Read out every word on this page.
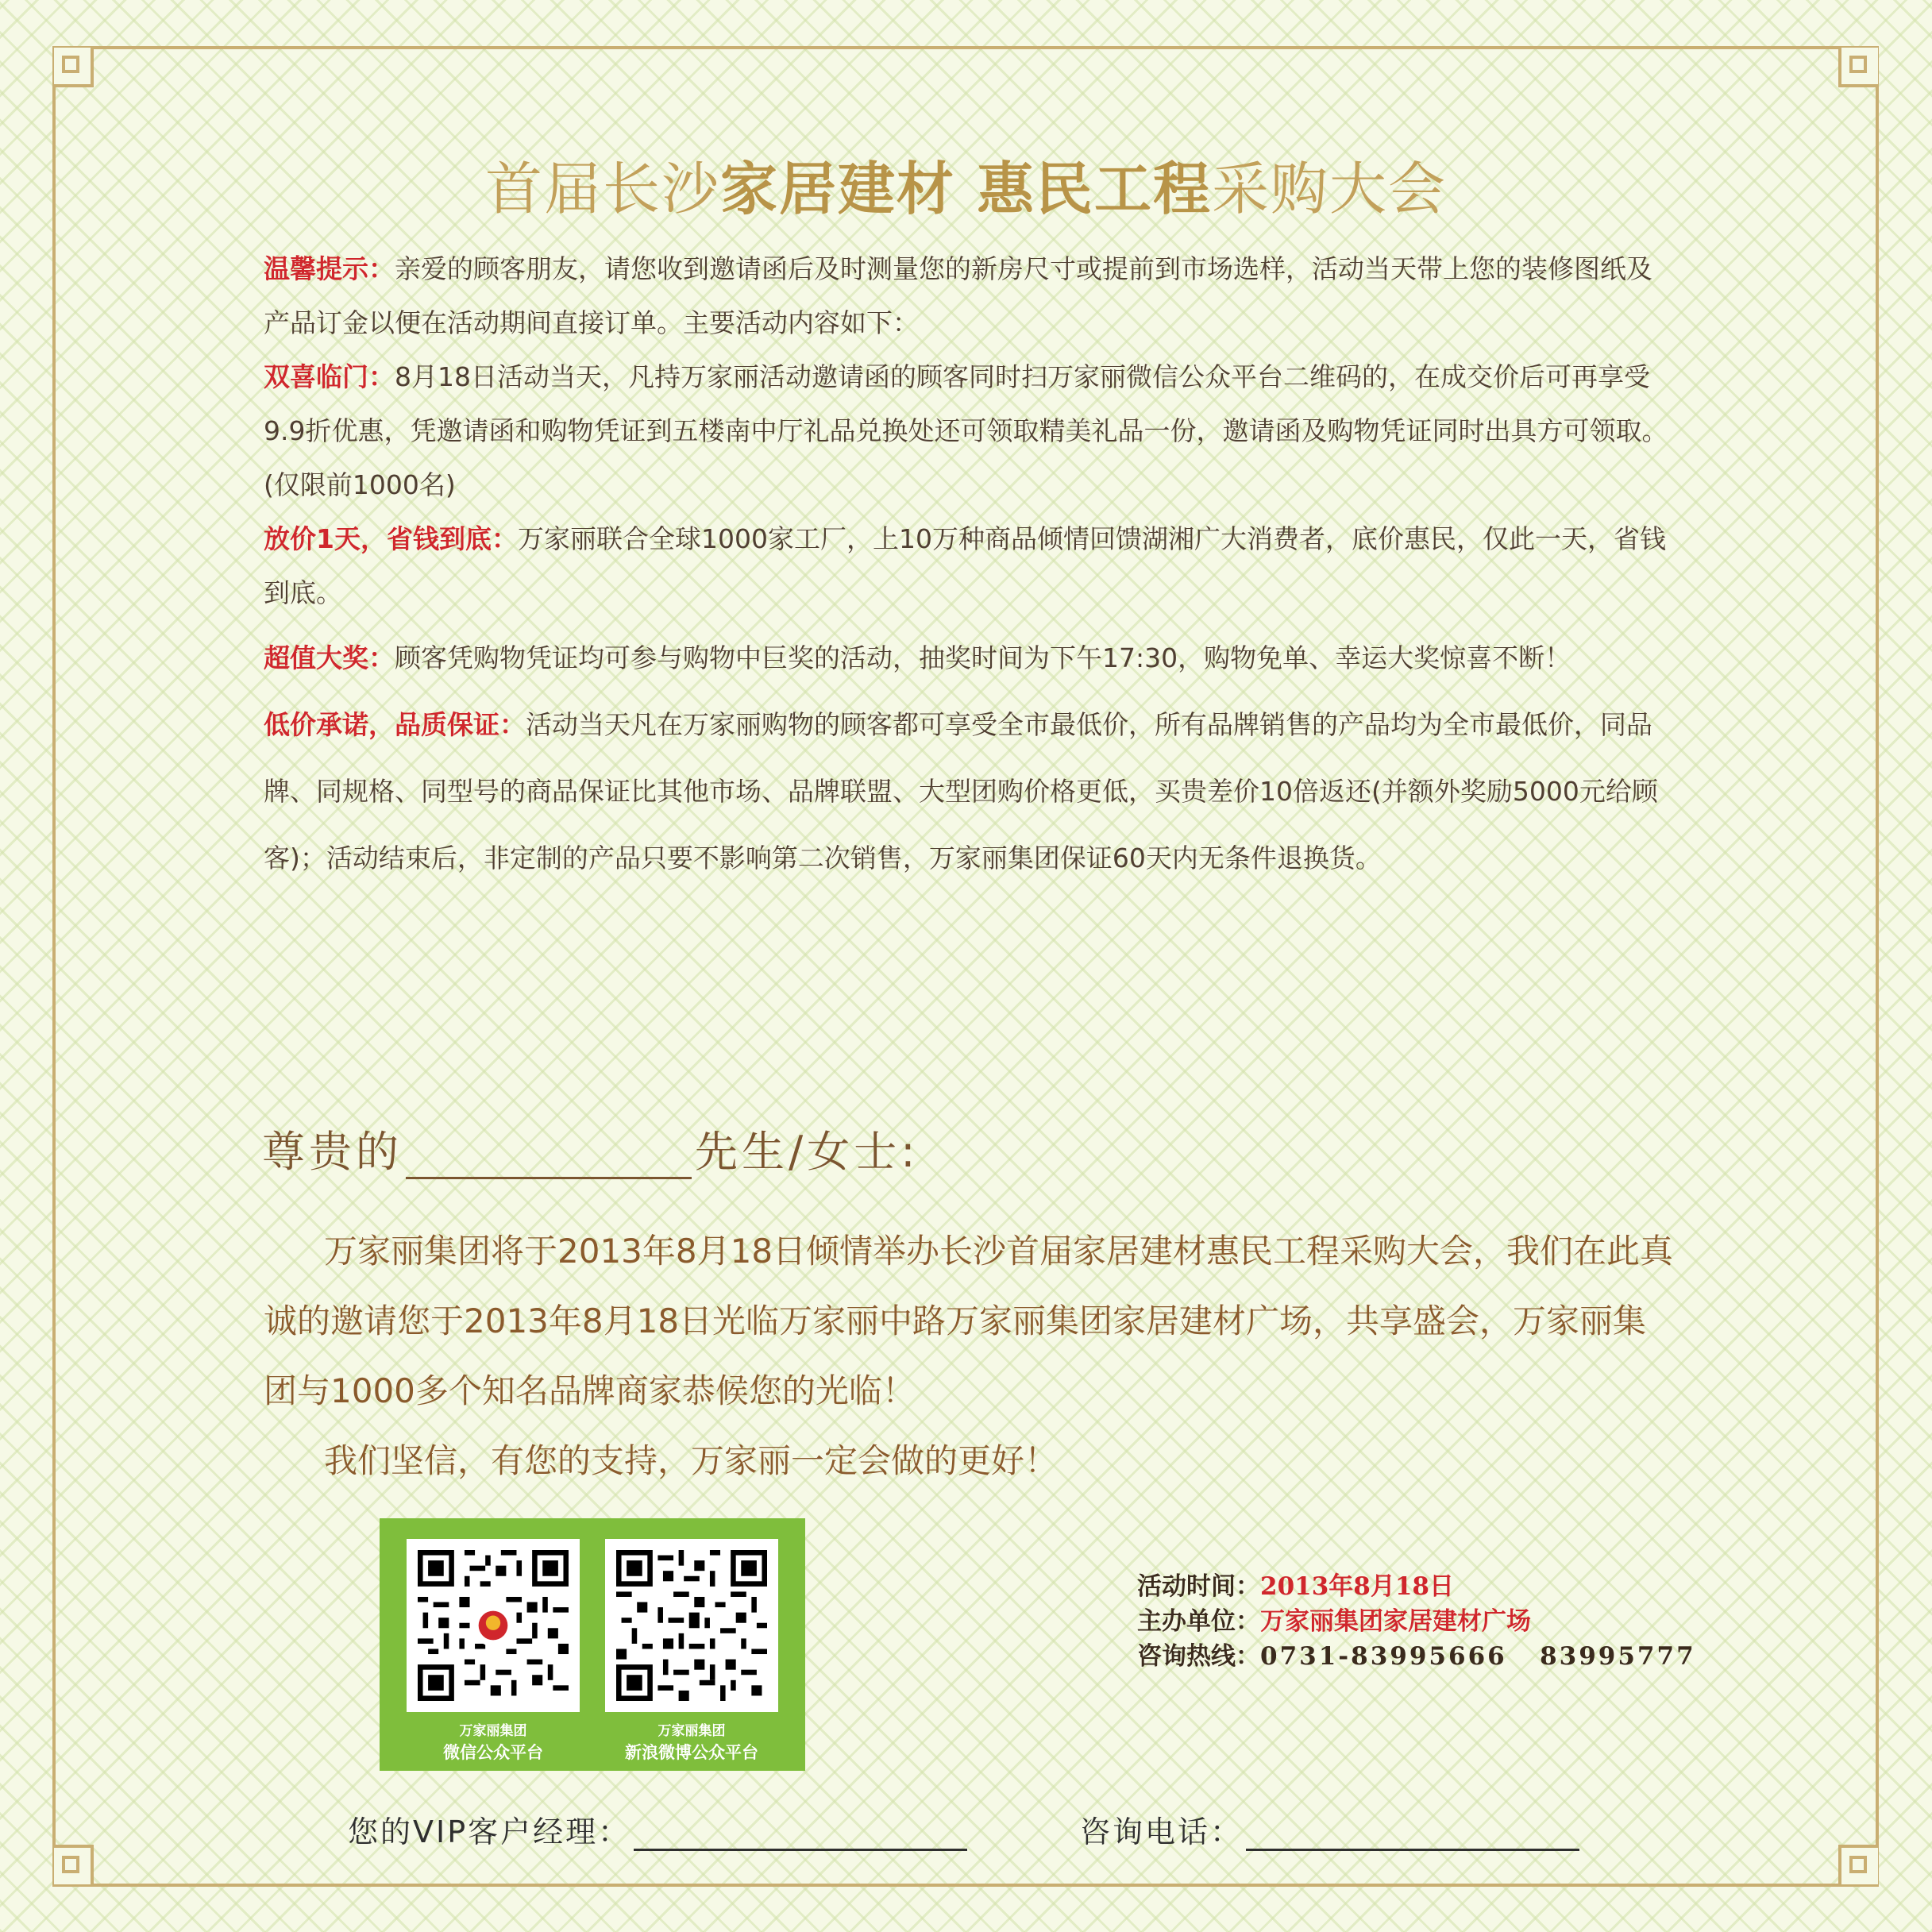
首届长沙家居建材 惠民工程采购大会

温馨提示：亲爱的顾客朋友，请您收到邀请函后及时测量您的新房尺寸或提前到市场选样，活动当天带上您的装修图纸及产品订金以便在活动期间直接订单。主要活动内容如下：

双喜临门：8月18日活动当天，凡持万家丽活动邀请函的顾客同时扫万家丽微信公众平台二维码的，在成交价后可再享受9.9折优惠，凭邀请函和购物凭证到五楼南中厅礼品兑换处还可领取精美礼品一份，邀请函及购物凭证同时出具方可领取。(仅限前1000名)

放价1天，省钱到底：万家丽联合全球1000家工厂，上10万种商品倾情回馈湖湘广大消费者，底价惠民，仅此一天，省钱到底。

超值大奖：顾客凭购物凭证均可参与购物中巨奖的活动，抽奖时间为下午17:30，购物免单、幸运大奖惊喜不断！

低价承诺，品质保证：活动当天凡在万家丽购物的顾客都可享受全市最低价，所有品牌销售的产品均为全市最低价，同品牌、同规格、同型号的商品保证比其他市场、品牌联盟、大型团购价格更低，买贵差价10倍返还(并额外奖励5000元给顾客)；活动结束后，非定制的产品只要不影响第二次销售，万家丽集团保证60天内无条件退换货。

尊贵的	先生/女士:

万家丽集团将于2013年8月18日倾情举办长沙首届家居建材惠民工程采购大会，我们在此真诚的邀请您于2013年8月18日光临万家丽中路万家丽集团家居建材广场，共享盛会，万家丽集团与1000多个知名品牌商家恭候您的光临！

我们坚信，有您的支持，万家丽一定会做的更好！

万家丽集团
微信公众平台
万家丽集团
新浪微博公众平台
活动时间：2013年8月18日
主办单位：万家丽集团家居建材广场
咨询热线：0731-83995666   83995777
您的VIP客户经理：	咨询电话：
